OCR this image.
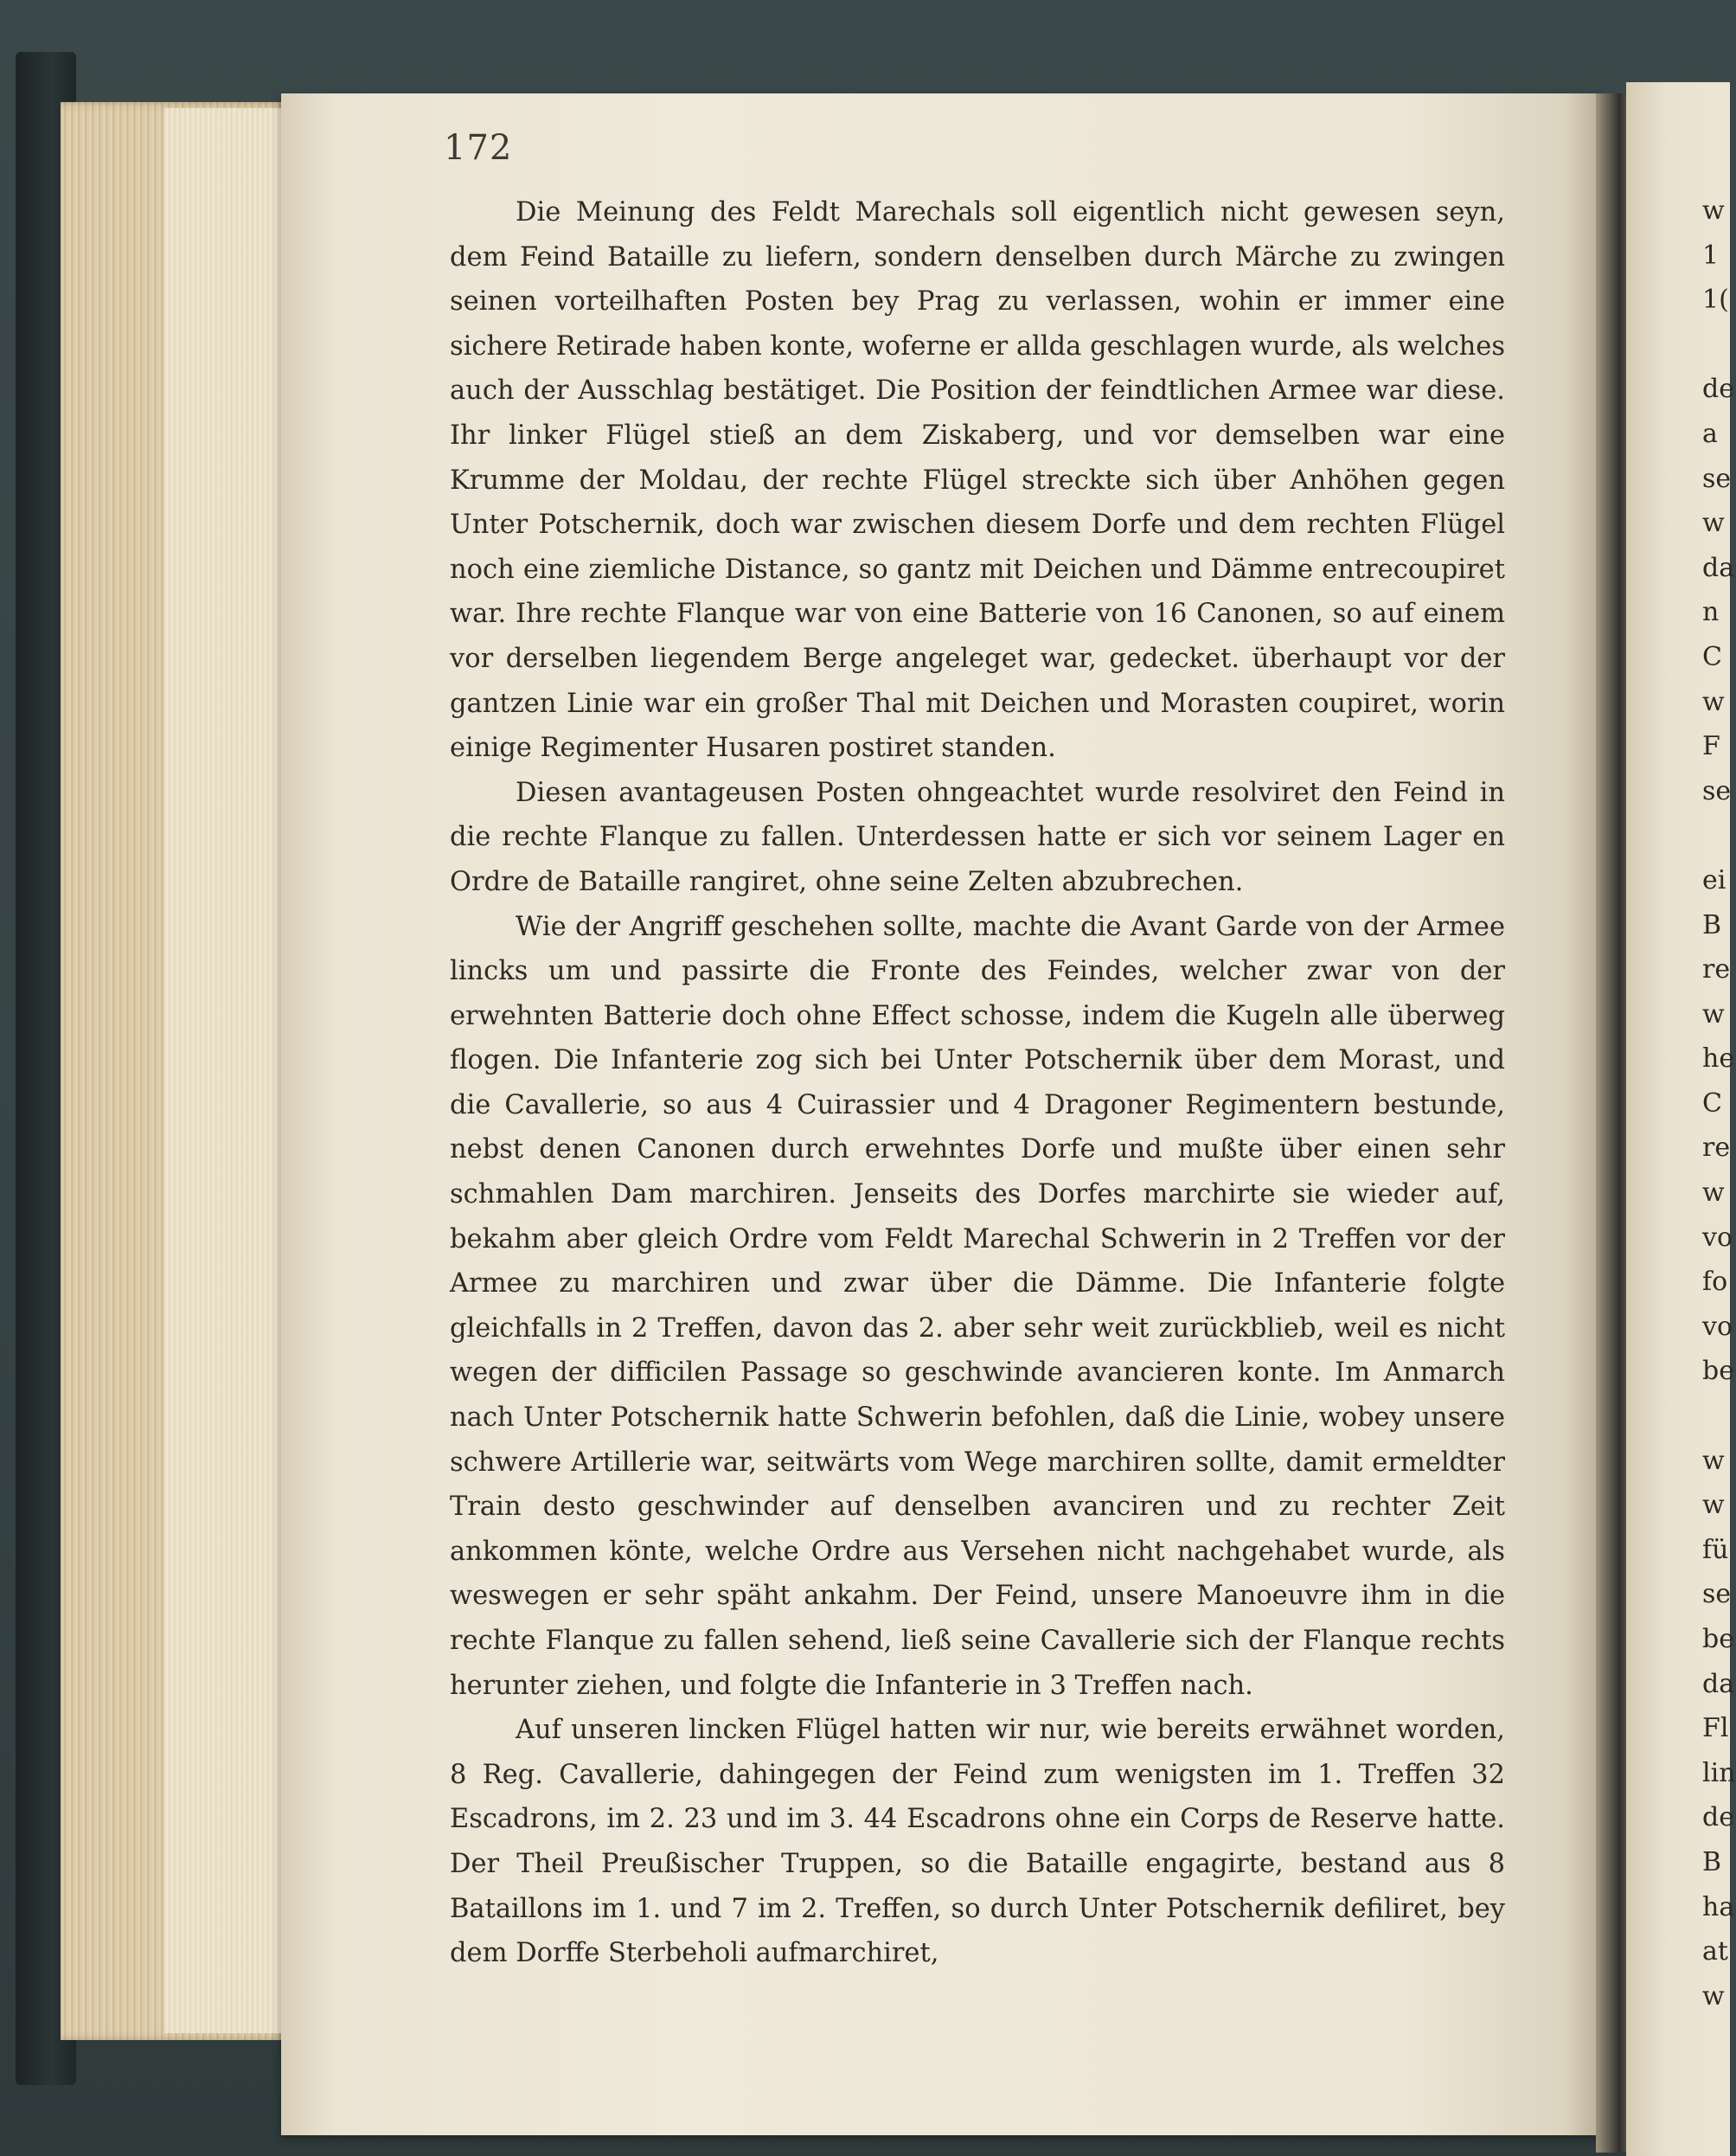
172

Die Meinung des Feldt Marechals soll eigentlich nicht gewesen seyn, dem Feind Bataille zu liefern, sondern denselben durch Märche zu zwingen seinen vorteilhaften Posten bey Prag zu verlassen, wohin er immer eine sichere Retirade haben konte, woferne er allda geschlagen wurde, als welches auch der Ausschlag bestätiget. Die Position der feindtlichen Armee war diese. Ihr linker Flügel stieß an dem Ziskaberg, und vor demselben war eine Krumme der Moldau, der rechte Flügel streckte sich über Anhöhen gegen Unter Potschernik, doch war zwischen diesem Dorfe und dem rechten Flügel noch eine ziemliche Distance, so gantz mit Deichen und Dämme entrecoupiret war. Ihre rechte Flanque war von eine Batterie von 16 Canonen, so auf einem vor derselben liegendem Berge angeleget war, gedecket. überhaupt vor der gantzen Linie war ein großer Thal mit Deichen und Morasten coupiret, worin einige Regimenter Husaren postiret standen.

Diesen avantageusen Posten ohngeachtet wurde resolviret den Feind in die rechte Flanque zu fallen. Unterdessen hatte er sich vor seinem Lager en Ordre de Bataille rangiret, ohne seine Zelten abzubrechen.

Wie der Angriff geschehen sollte, machte die Avant Garde von der Armee lincks um und passirte die Fronte des Feindes, welcher zwar von der erwehnten Batterie doch ohne Effect schosse, indem die Kugeln alle überweg flogen. Die Infanterie zog sich bei Unter Potschernik über dem Morast, und die Cavallerie, so aus 4 Cuirassier und 4 Dragoner Regimentern bestunde, nebst denen Canonen durch erwehntes Dorfe und mußte über einen sehr schmahlen Dam marchiren. Jenseits des Dorfes marchirte sie wieder auf, bekahm aber gleich Ordre vom Feldt Marechal Schwerin in 2 Treffen vor der Armee zu marchiren und zwar über die Dämme. Die Infanterie folgte gleichfalls in 2 Treffen, davon das 2. aber sehr weit zurückblieb, weil es nicht wegen der difficilen Passage so geschwinde avancieren konte. Im Anmarch nach Unter Potschernik hatte Schwerin befohlen, daß die Linie, wobey unsere schwere Artillerie war, seitwärts vom Wege marchiren sollte, damit ermeldter Train desto geschwinder auf denselben avanciren und zu rechter Zeit ankommen könte, welche Ordre aus Versehen nicht nachgehabet wurde, als weswegen er sehr späht ankahm. Der Feind, unsere Manoeuvre ihm in die rechte Flanque zu fallen sehend, ließ seine Cavallerie sich der Flanque rechts herunter ziehen, und folgte die Infanterie in 3 Treffen nach.

Auf unseren lincken Flügel hatten wir nur, wie bereits erwähnet worden, 8 Reg. Cavallerie, dahingegen der Feind zum wenigsten im 1. Treffen 32 Escadrons, im 2. 23 und im 3. 44 Escadrons ohne ein Corps de Reserve hatte. Der Theil Preußischer Truppen, so die Bataille engagirte, bestand aus 8 Bataillons im 1. und 7 im 2. Treffen, so durch Unter Potschernik defiliret, bey dem Dorffe Sterbeholi aufmarchiret,

w
1
1(
de
a
se
w
da
n
C
w
F
se
ei
B
re
w
he
C
re
w
vo
fo
vo
be
w
w
fü
se
be
da
Fl
lin
de
B
ha
at
w
